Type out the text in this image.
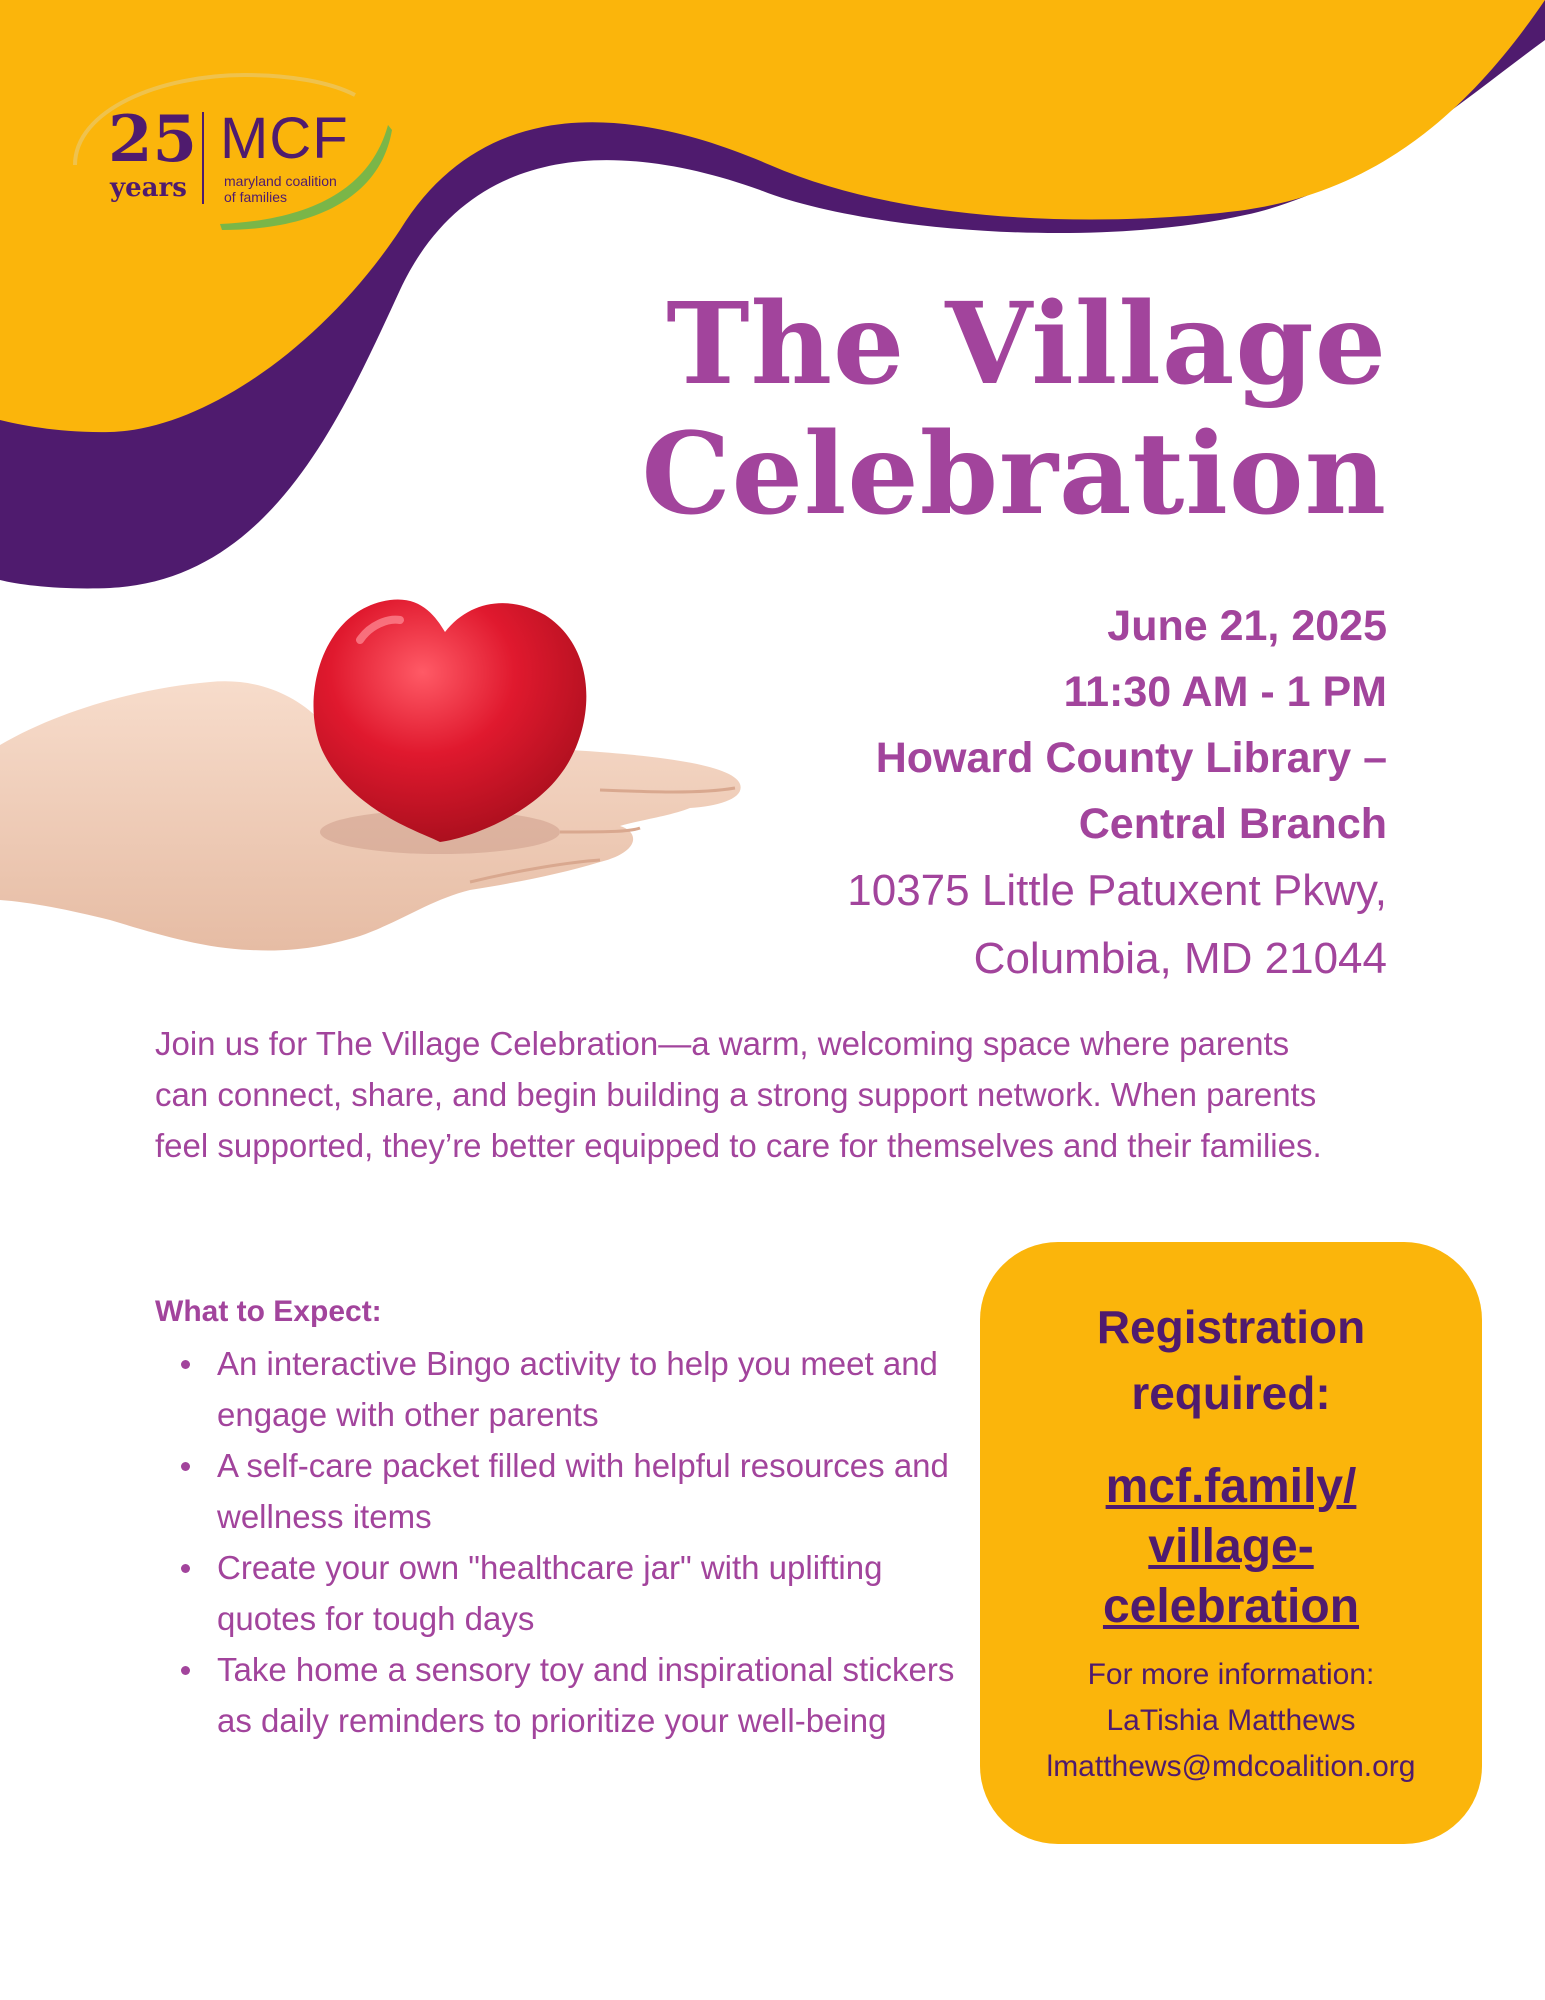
25
years
MCF
maryland coalition
of families
The Village
Celebration
June 21, 2025
11:30 AM - 1 PM
Howard County Library –
Central Branch
10375 Little Patuxent Pkwy,
Columbia, MD 21044

Join us for The Village Celebration—a warm, welcoming space where parents can connect, share, and begin building a strong support network. When parents feel supported, they’re better equipped to care for themselves and their families.

What to Expect:
An interactive Bingo activity to help you meet and engage with other parents
A self-care packet filled with helpful resources and wellness items
Create your own "healthcare jar" with uplifting quotes for tough days
Take home a sensory toy and inspirational stickers as daily reminders to prioritize your well-being
Registration
required:
mcf.family/
village-
celebration
For more information:
LaTishia Matthews
lmatthews@mdcoalition.org
